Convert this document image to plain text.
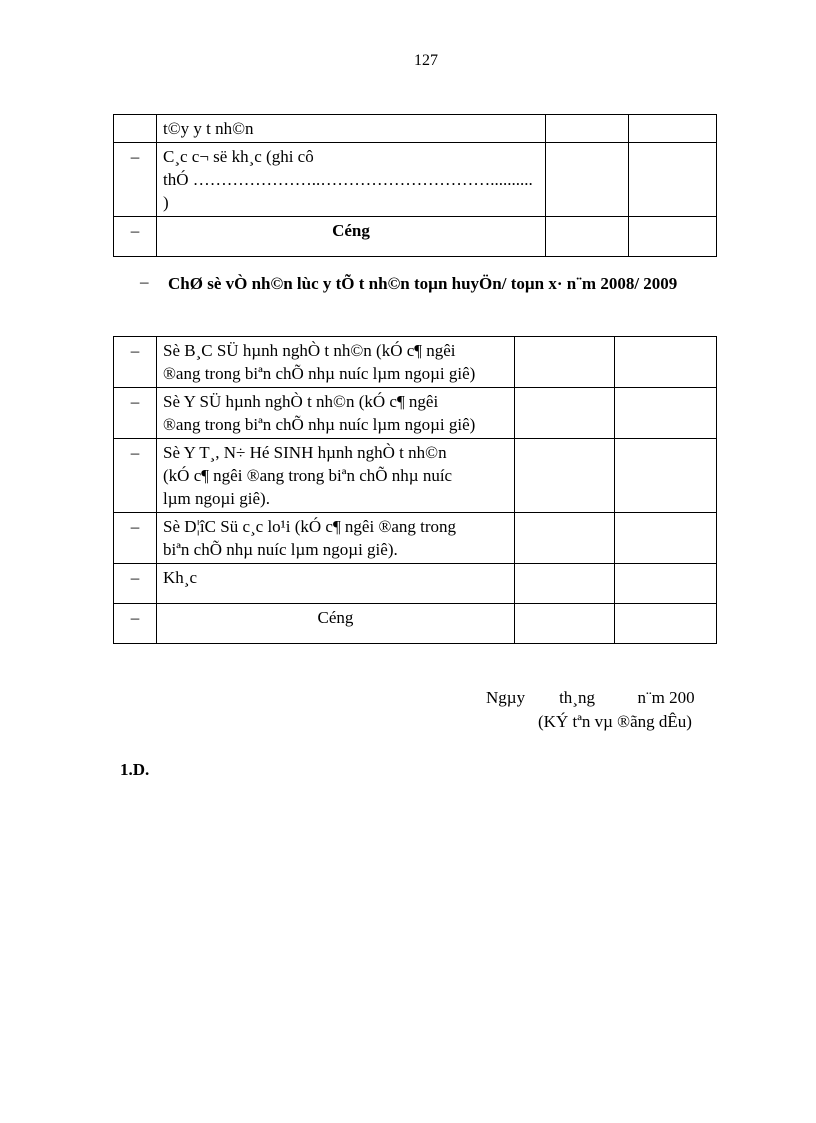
127
	t©y y t nh©n		
–	C¸c c¬ së kh¸c (ghi cô
thÓ …………………..…………………………..........
)		

–	Céng		
– ChØ sè vÒ nh©n lùc y tÕ t nh©n toµn huyÖn/ toµn x· n¨m 2008/ 2009
–	Sè B¸C SÜ hµnh nghÒ t nh©n (kÓ c¶ ngêi
®ang trong biªn chÕ nhµ nuíc lµm ngoµi giê)		

–	Sè Y SÜ hµnh nghÒ t nh©n (kÓ c¶ ngêi
®ang trong biªn chÕ nhµ nuíc lµm ngoµi giê)		

–	Sè Y T¸, N÷ Hé SINH hµnh nghÒ t nh©n
(kÓ c¶ ngêi ®ang trong biªn chÕ nhµ nuíc
lµm ngoµi giê).		

–	Sè D¦îC Sü c¸c lo¹i (kÓ c¶ ngêi ®ang trong
biªn chÕ nhµ nuíc lµm ngoµi giê).		

–	Kh¸c		

–	Céng		
Ngµy        th¸ng          n¨m 200
(KÝ tªn vµ ®ãng dÊu)
1.D.
